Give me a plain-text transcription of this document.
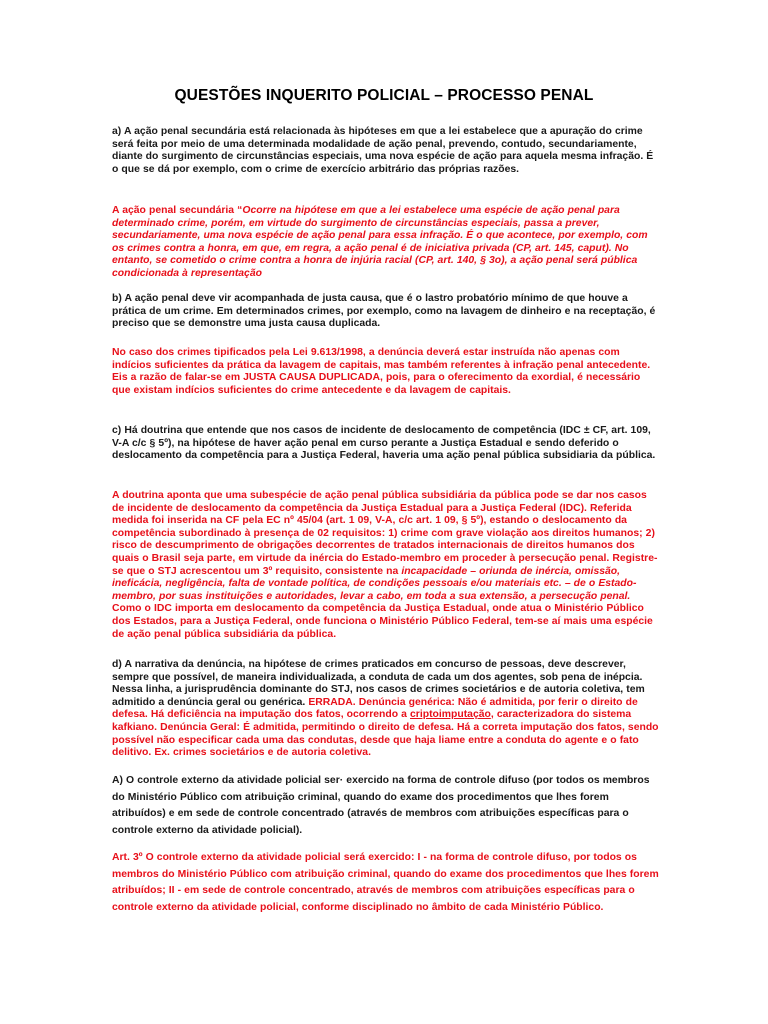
QUESTÕES INQUERITO POLICIAL – PROCESSO PENAL

a) A ação penal secundária está relacionada às hipóteses em que a lei estabelece que a apuração do crime será feita por meio de uma determinada modalidade de ação penal, prevendo, contudo, secundariamente, diante do surgimento de circunstâncias especiais, uma nova espécie de ação para aquela mesma infração. É o que se dá por exemplo, com o crime de exercício arbitrário das próprias razões.

A ação penal secundária “Ocorre na hipótese em que a lei estabelece uma espécie de ação penal para determinado crime, porém, em virtude do surgimento de circunstâncias especiais, passa a prever, secundariamente, uma nova espécie de ação penal para essa infração. É o que acontece, por exemplo, com os crimes contra a honra, em que, em regra, a ação penal é de iniciativa privada (CP, art. 145, caput). No entanto, se cometido o crime contra a honra de injúria racial (CP, art. 140, § 3o), a ação penal será pública condicionada à representação

b) A ação penal deve vir acompanhada de justa causa, que é o lastro probatório mínimo de que houve a prática de um crime. Em determinados crimes, por exemplo, como na lavagem de dinheiro e na receptação, é preciso que se demonstre uma justa causa duplicada.

No caso dos crimes tipificados pela Lei 9.613/1998, a denúncia deverá estar instruída não apenas com indícios suficientes da prática da lavagem de capitais, mas também referentes à infração penal antecedente. Eis a razão de falar-se em JUSTA CAUSA DUPLICADA, pois, para o oferecimento da exordial, é necessário que existam indícios suficientes do crime antecedente e da lavagem de capitais.

c) Há doutrina que entende que nos casos de incidente de deslocamento de competência (IDC ± CF, art. 109, V-A c/c § 5º), na hipótese de haver ação penal em curso perante a Justiça Estadual e sendo deferido o deslocamento da competência para a Justiça Federal, haveria uma ação penal pública subsidiaria da pública.

A doutrina aponta que uma subespécie de ação penal pública subsidiária da pública pode se dar nos casos de incidente de deslocamento da competência da Justiça Estadual para a Justiça Federal (IDC). Referida medida foi inserida na CF pela EC nº 45/04 (art. 1 09, V-A, c/c art. 1 09, § 5º), estando o deslocamento da competência subordinado à presença de 02 requisitos: 1) crime com grave violação aos direitos humanos; 2) risco de descumprimento de obrigações decorrentes de tratados internacionais de direitos humanos dos quais o Brasil seja parte, em virtude da inércia do Estado-membro em proceder à persecução penal. Registre-se que o STJ acrescentou um 3º requisito, consistente na incapacidade – oriunda de inércia, omissão, ineficácia, negligência, falta de vontade política, de condições pessoais e/ou materiais etc. – de o Estado-membro, por suas instituições e autoridades, levar a cabo, em toda a sua extensão, a persecução penal. Como o IDC importa em deslocamento da competência da Justiça Estadual, onde atua o Ministério Público dos Estados, para a Justiça Federal, onde funciona o Ministério Público Federal, tem-se aí mais uma espécie de ação penal pública subsidiária da pública.

d) A narrativa da denúncia, na hipótese de crimes praticados em concurso de pessoas, deve descrever, sempre que possível, de maneira individualizada, a conduta de cada um dos agentes, sob pena de inépcia. Nessa linha, a jurisprudência dominante do STJ, nos casos de crimes societários e de autoria coletiva, tem admitido a denúncia geral ou genérica. ERRADA. Denúncia genérica: Não é admitida, por ferir o direito de defesa. Há deficiência na imputação dos fatos, ocorrendo a criptoimputação, caracterizadora do sistema kafkiano. Denúncia Geral: É admitida, permitindo o direito de defesa. Há a correta imputação dos fatos, sendo possível não especificar cada uma das condutas, desde que haja liame entre a conduta do agente e o fato delitivo. Ex. crimes societários e de autoria coletiva.

A) O controle externo da atividade policial ser· exercido na forma de controle difuso (por todos os membros do Ministério Público com atribuição criminal, quando do exame dos procedimentos que lhes forem atribuídos) e em sede de controle concentrado (através de membros com atribuições específicas para o controle externo da atividade policial).

Art. 3º O controle externo da atividade policial será exercido: I - na forma de controle difuso, por todos os membros do Ministério Público com atribuição criminal, quando do exame dos procedimentos que lhes forem atribuídos; II - em sede de controle concentrado, através de membros com atribuições específicas para o controle externo da atividade policial, conforme disciplinado no âmbito de cada Ministério Público.
